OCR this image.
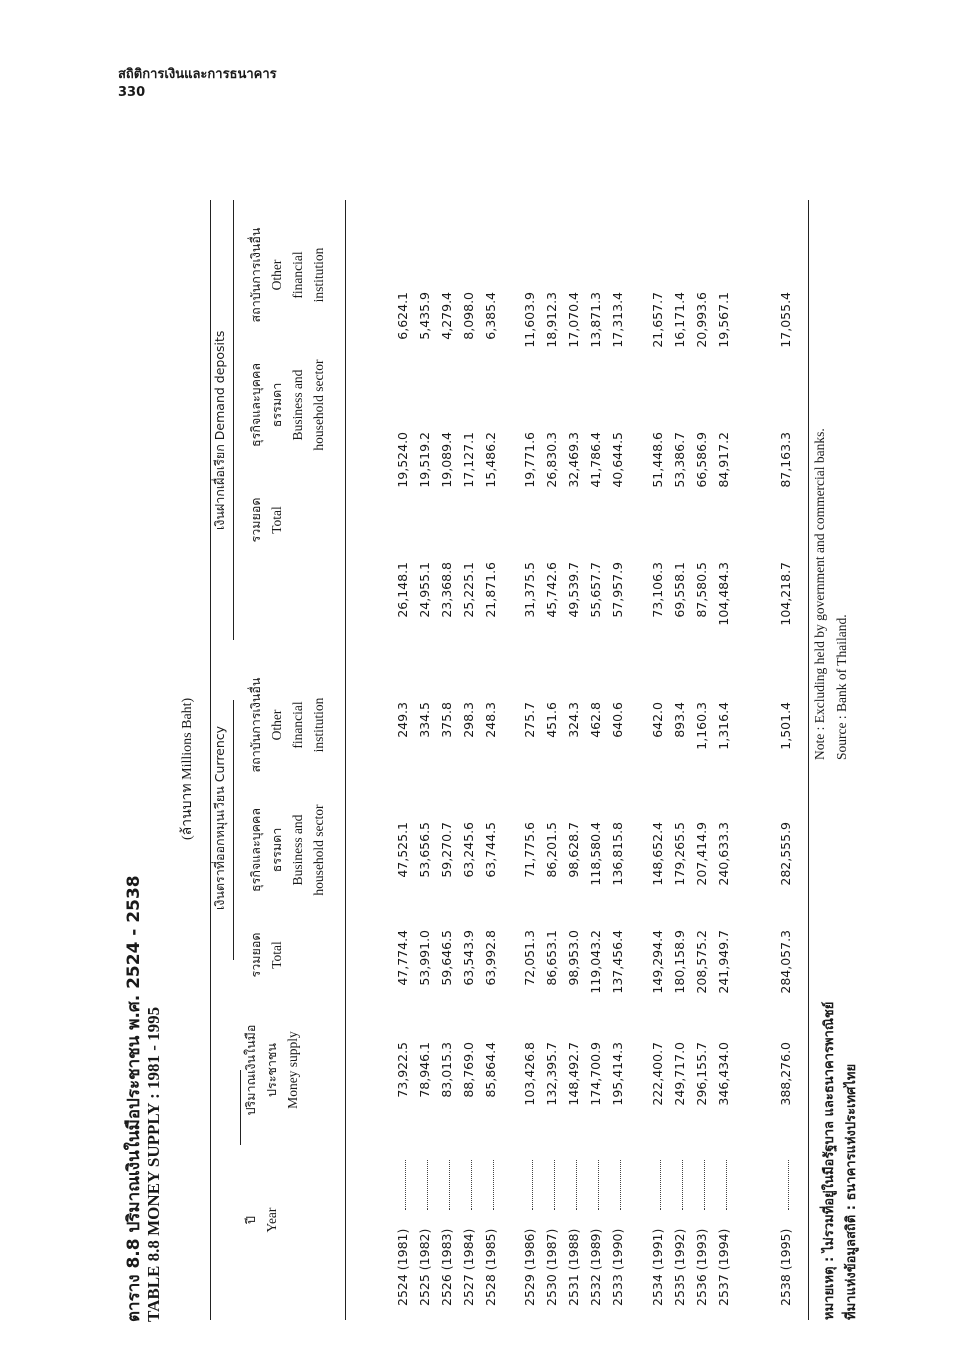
สถิติการเงินและการธนาคาร
330
ตาราง 8.8 ปริมาณเงินในมือประชาชน พ.ศ. 2524 - 2538 TABLE 8.8 MONEY SUPPLY : 1981 - 1995
(ล้านบาท Millions Baht) เงินตราที่ออกหมุนเวียน Currency
เงินฝากเผื่อเรียก Demand deposits
ปี Year
ปริมาณเงินในมือ ประชาชน Money supply
รวมยอด Total
ธุรกิจและบุคคล ธรรมดา Business and household sector
สถาบันการเงินอื่น Other financial institution
รวมยอด Total
ธุรกิจและบุคคล ธรรมดา Business and household sector
สถาบันการเงินอื่น Other financial institution
2524 (1981)
73,922.5
47,774.4
47,525.1
249.3
26,148.1
19,524.0
6,624.1
2525 (1982)
78,946.1
53,991.0
53,656.5
334.5
24,955.1
19,519.2
5,435.9
2526 (1983)
83,015.3
59,646.5
59,270.7
375.8
23,368.8
19,089.4
4,279.4
2527 (1984)
88,769.0
63,543.9
63,245.6
298.3
25,225.1
17,127.1
8,098.0
2528 (1985)
85,864.4
63,992.8
63,744.5
248.3
21,871.6
15,486.2
6,385.4
2529 (1986)
103,426.8
72,051.3
71,775.6
275.7
31,375.5
19,771.6
11,603.9
2530 (1987)
132,395.7
86,653.1
86,201.5
451.6
45,742.6
26,830.3
18,912.3
2531 (1988)
148,492.7
98,953.0
98,628.7
324.3
49,539.7
32,469.3
17,070.4
2532 (1989)
174,700.9
119,043.2
118,580.4
462.8
55,657.7
41,786.4
13,871.3
2533 (1990)
195,414.3
137,456.4
136,815.8
640.6
57,957.9
40,644.5
17,313.4
2534 (1991)
222,400.7
149,294.4
148,652.4
642.0
73,106.3
51,448.6
21,657.7
2535 (1992)
249,717.0
180,158.9
179,265.5
893.4
69,558.1
53,386.7
16,171.4
2536 (1993)
296,155.7
208,575.2
207,414.9
1,160.3
87,580.5
66,586.9
20,993.6
2537 (1994)
346,434.0
241,949.7
240,633.3
1,316.4
104,484.3
84,917.2
19,567.1
2538 (1995)
388,276.0
284,057.3
282,555.9
1,501.4
104,218.7
87,163.3
17,055.4
Note : Excluding held by government and commercial banks. Source : Bank of Thailand.
หมายเหตุ : ไม่รวมที่อยู่ในมือรัฐบาล และธนาคารพาณิชย์ ที่มาแห่งข้อมูลสถิติ : ธนาคารแห่งประเทศไทย
